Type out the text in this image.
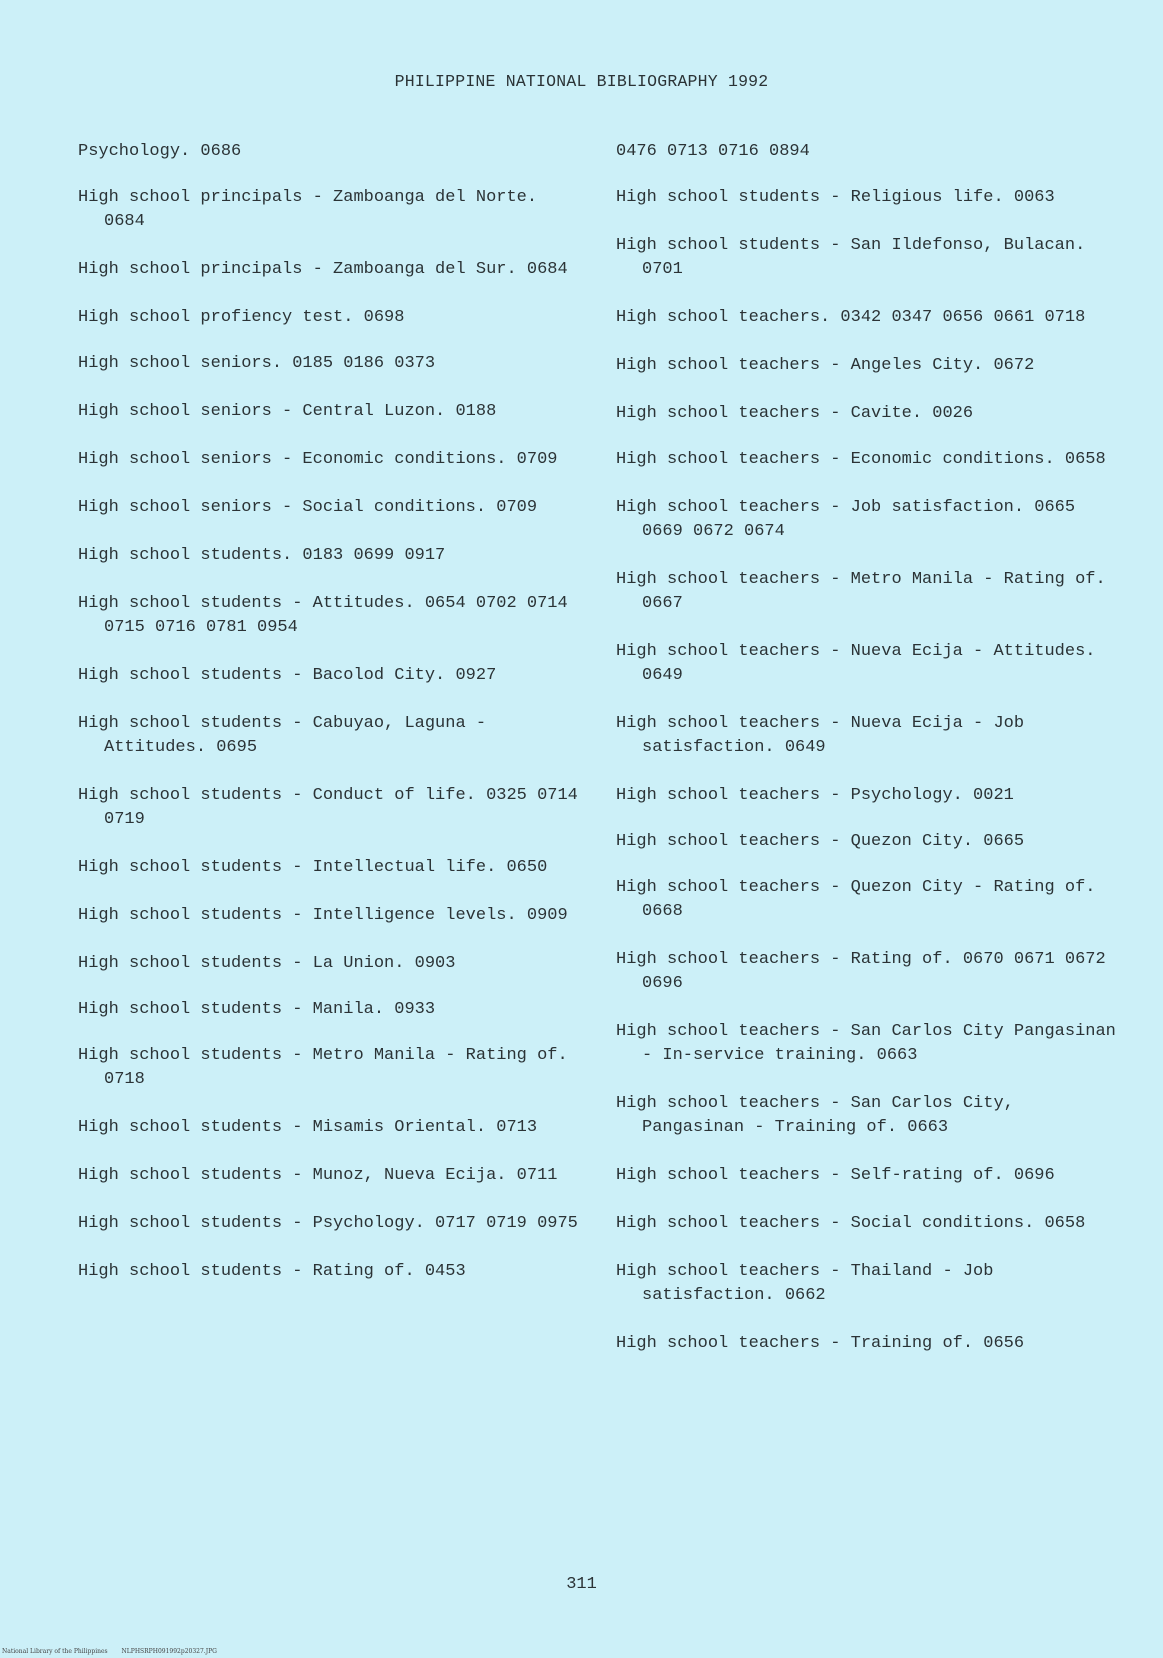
PHILIPPINE NATIONAL BIBLIOGRAPHY 1992
Psychology. 0686
High school principals - Zamboanga del Norte. 0684
High school principals - Zamboanga del Sur. 0684
High school profiency test. 0698
High school seniors. 0185 0186 0373
High school seniors - Central Luzon. 0188
High school seniors - Economic conditions. 0709
High school seniors - Social conditions. 0709
High school students. 0183 0699 0917
High school students - Attitudes. 0654 0702 0714 0715 0716 0781 0954
High school students - Bacolod City. 0927
High school students - Cabuyao, Laguna - Attitudes. 0695
High school students - Conduct of life. 0325 0714 0719
High school students - Intellectual life. 0650
High school students - Intelligence levels. 0909
High school students - La Union. 0903
High school students - Manila. 0933
High school students - Metro Manila - Rating of. 0718
High school students - Misamis Oriental. 0713
High school students - Munoz, Nueva Ecija. 0711
High school students - Psychology. 0717 0719 0975
High school students - Rating of. 0453
0476 0713 0716 0894
High school students - Religious life. 0063
High school students - San Ildefonso, Bulacan. 0701
High school teachers. 0342 0347 0656 0661 0718
High school teachers - Angeles City. 0672
High school teachers - Cavite. 0026
High school teachers - Economic conditions. 0658
High school teachers - Job satisfaction. 0665 0669 0672 0674
High school teachers - Metro Manila - Rating of. 0667
High school teachers - Nueva Ecija - Attitudes. 0649
High school teachers - Nueva Ecija - Job satisfaction. 0649
High school teachers - Psychology. 0021
High school teachers - Quezon City. 0665
High school teachers - Quezon City - Rating of. 0668
High school teachers - Rating of. 0670 0671 0672 0696
High school teachers - San Carlos City Pangasinan - In-service training. 0663
High school teachers - San Carlos City, Pangasinan - Training of. 0663
High school teachers - Self-rating of. 0696
High school teachers - Social conditions. 0658
High school teachers - Thailand - Job satisfaction. 0662
High school teachers - Training of. 0656
311
National Library of the Philippines NLPHSRPH091992p20327.JPG
